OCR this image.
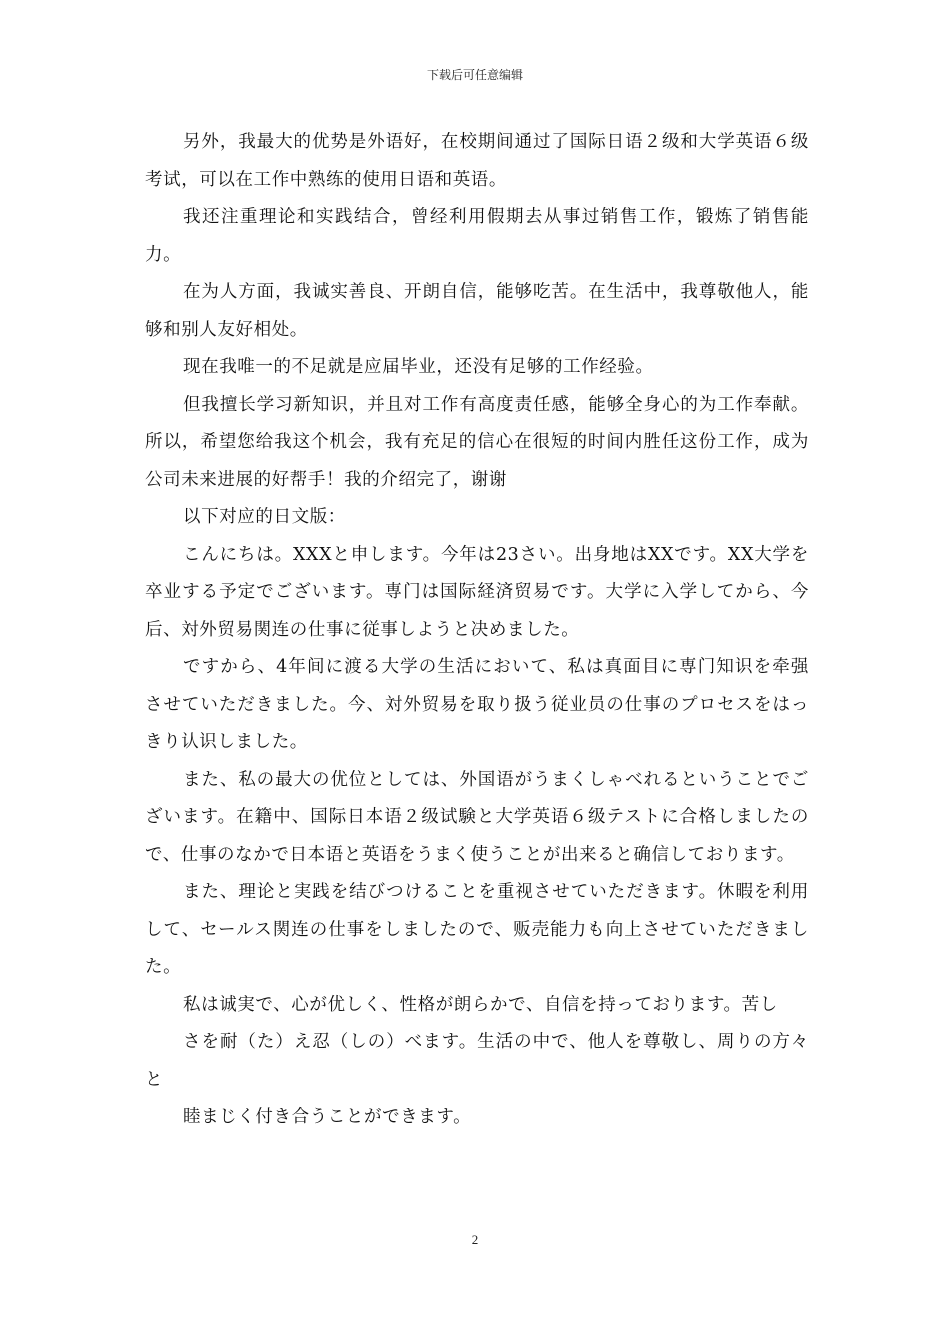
下载后可任意编辑

另外，我最大的优势是外语好，在校期间通过了国际日语２级和大学英语６级考试，可以在工作中熟练的使用日语和英语。

我还注重理论和实践结合，曾经利用假期去从事过销售工作，锻炼了销售能力。

在为人方面，我诚实善良、开朗自信，能够吃苦。在生活中，我尊敬他人，能够和别人友好相处。

现在我唯一的不足就是应届毕业，还没有足够的工作经验。

但我擅长学习新知识，并且对工作有高度责任感，能够全身心的为工作奉献。所以，希望您给我这个机会，我有充足的信心在很短的时间内胜任这份工作，成为公司未来进展的好帮手！我的介绍完了，谢谢

以下对应的日文版：

こんにちは。XXXと申します。今年は23さい。出身地はXXです。XX大学を卒业する予定でございます。専门は国际経済贸易です。大学に入学してから、今后、対外贸易関连の仕事に従事しようと决めました。

ですから、4年间に渡る大学の生活において、私は真面目に専门知识を牵强させていただきました。今、対外贸易を取り扱う従业员の仕事のプロセスをはっきり认识しました。

また、私の最大の优位としては、外国语がうまくしゃべれるということでございます。在籍中、国际日本语２级试験と大学英语６级テストに合格しましたので、仕事のなかで日本语と英语をうまく使うことが出来ると确信しております。

また、理论と実践を结びつけることを重视させていただきます。休暇を利用して、セールス関连の仕事をしましたので、贩売能力も向上させていただきました。

私は诚実で、心が优しく、性格が朗らかで、自信を持っております。苦し

さを耐（た）え忍（しの）べます。生活の中で、他人を尊敬し、周りの方々と

睦まじく付き合うことができます。

2
